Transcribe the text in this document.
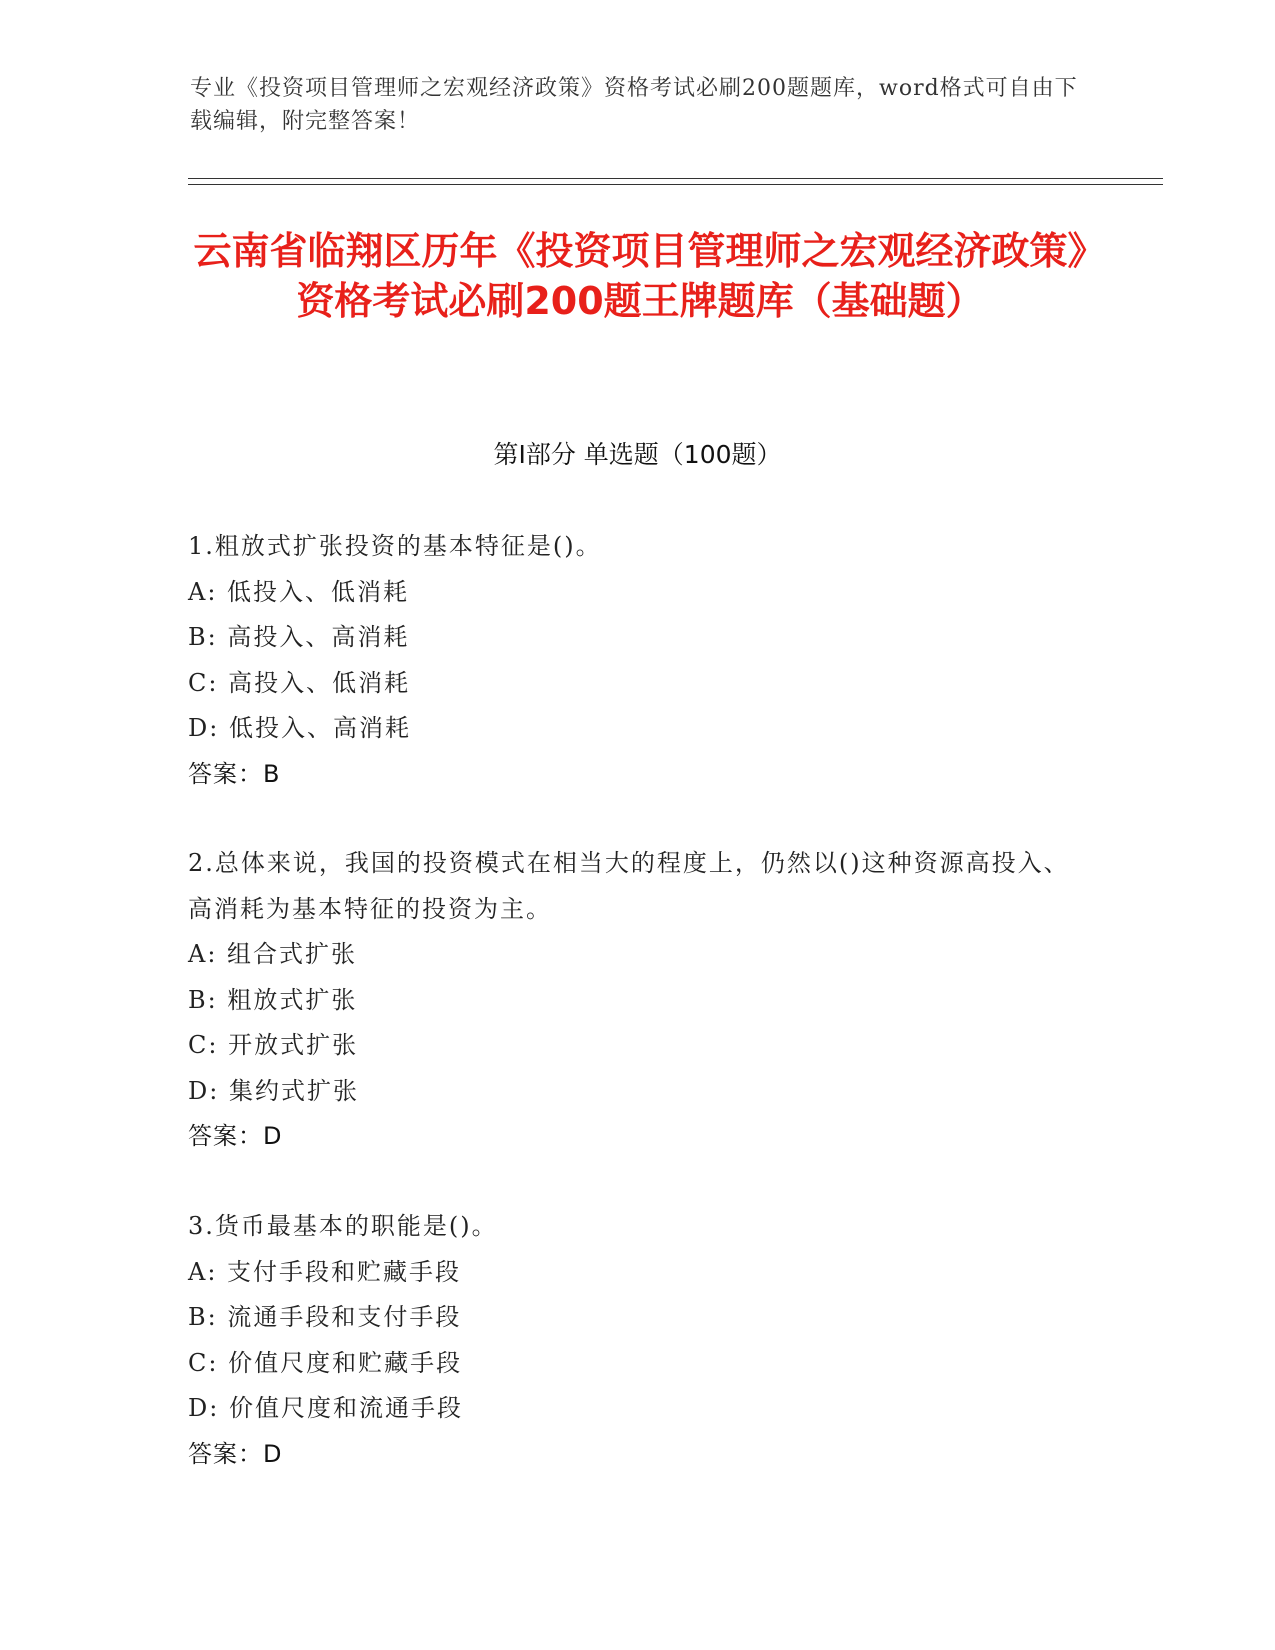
专业《投资项目管理师之宏观经济政策》资格考试必刷200题题库，word格式可自由下载编辑，附完整答案！
云南省临翔区历年《投资项目管理师之宏观经济政策》资格考试必刷200题王牌题库（基础题）
第I部分 单选题（100题）
1.粗放式扩张投资的基本特征是()。
A: 低投入、低消耗
B: 高投入、高消耗
C: 高投入、低消耗
D: 低投入、高消耗
答案：B
2.总体来说，我国的投资模式在相当大的程度上，仍然以()这种资源高投入、高消耗为基本特征的投资为主。
A: 组合式扩张
B: 粗放式扩张
C: 开放式扩张
D: 集约式扩张
答案：D
3.货币最基本的职能是()。
A: 支付手段和贮藏手段
B: 流通手段和支付手段
C: 价值尺度和贮藏手段
D: 价值尺度和流通手段
答案：D
